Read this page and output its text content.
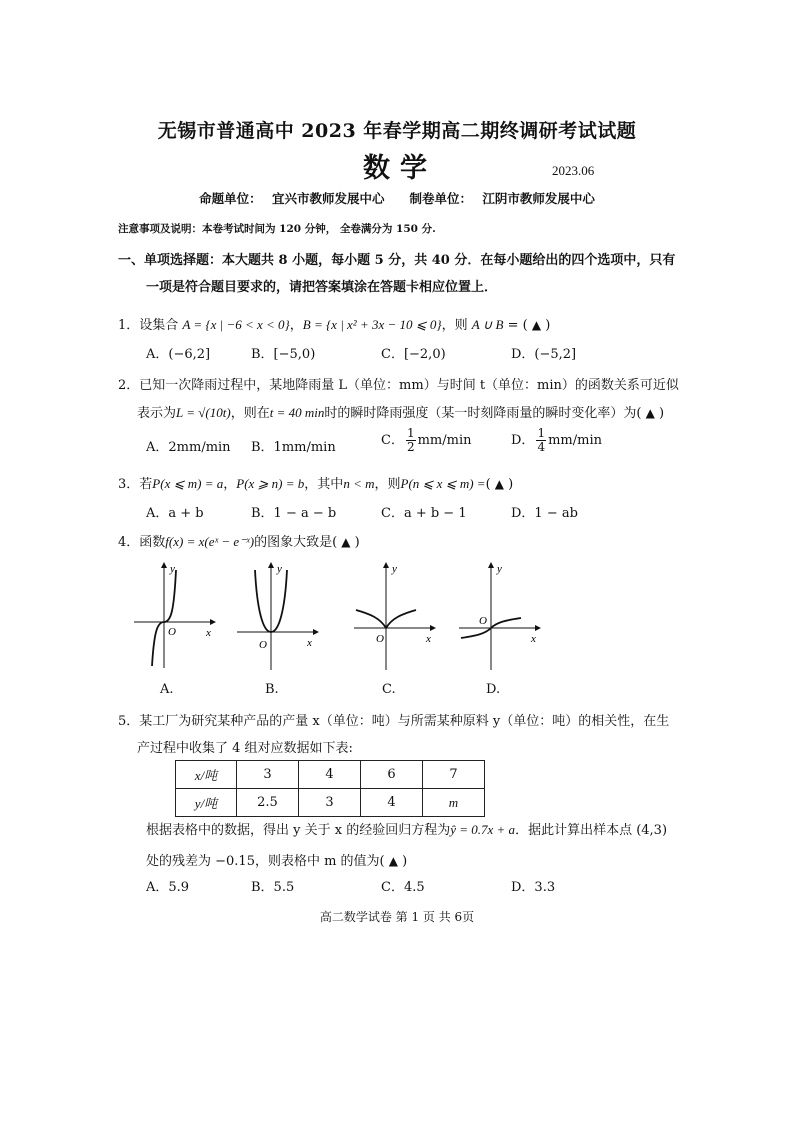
无锡市普通高中 2023 年春学期高二期终调研考试试题
数学	2023.06
命题单位： 宜兴市教师发展中心　　制卷单位： 江阴市教师发展中心
注意事项及说明：本卷考试时间为 120 分钟， 全卷满分为 150 分.
一、单项选择题：本大题共 8 小题，每小题 5 分，共 40 分．在每小题给出的四个选项中，只有
一项是符合题目要求的，请把答案填涂在答题卡相应位置上．
1．设集合 A = {x | −6 < x < 0}，B = {x | x² + 3x − 10 ⩽ 0}，则 A ∪ B = ( ▲ )
A．(−6,2]	B．[−5,0)	C．[−2,0)	D．(−5,2]
2．已知一次降雨过程中，某地降雨量 L（单位：mm）与时间 t（单位：min）的函数关系可近似
表示为L = √(10t)，则在t = 40 min时的瞬时降雨强度（某一时刻降雨量的瞬时变化率）为( ▲ )
A．2mm/min B．1mm/min	C． $\frac{1}{2} mm/\min$	D． $\frac{1}{4} mm/\min$
3．若P(x ⩽ m) = a，P(x ⩾ n) = b，其中n < m，则P(n ⩽ x ⩽ m) =( ▲ )
A．a + b	B．1 − a − b	C．a + b − 1	D．1 − ab
4．函数f(x) = x(eˣ − e⁻ˣ)的图象大致是( ▲ )
x
y
O
A.
x
y
O
B.
x
y
O
C.
x
y
O
D.
5．某工厂为研究某种产品的产量 x（单位：吨）与所需某种原料 y（单位：吨）的相关性，在生
产过程中收集了 4 组对应数据如下表:
x/吨	3	4	6	7
y/吨	2.5	3	4	m
根据表格中的数据，得出 y 关于 x 的经验回归方程为ŷ = 0.7x + a．据此计算出样本点 (4,3)
处的残差为 −0.15，则表格中 m 的值为( ▲ )
A．5.9	B．5.5	C．4.5	D．3.3
高二数学试卷 第 1 页 共 6页
